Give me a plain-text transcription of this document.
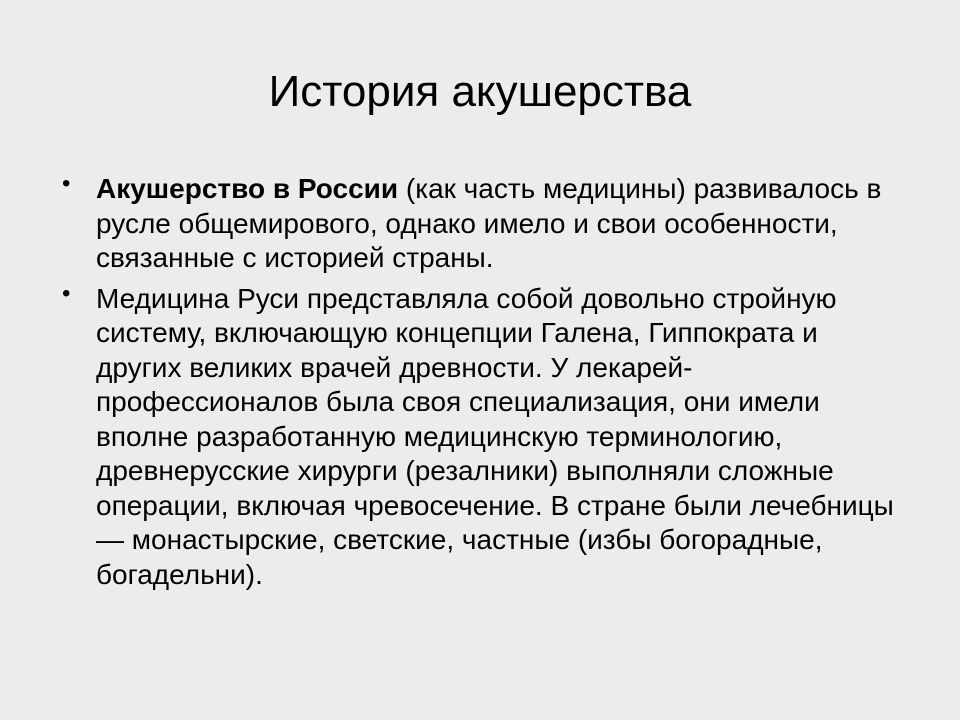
История акушерства
• Акушерство в России (как часть медицины) развивалось в русле общемирового, однако имело и свои особенности, связанные с историей страны.
• Медицина Руси представляла собой довольно стройную систему, включающую концепции Галена, Гиппократа и других великих врачей древности. У лекарей-профессионалов была своя специализация, они имели вполне разработанную медицинскую терминологию, древнерусские хирурги (резалники) выполняли сложные операции, включая чревосечение. В стране были лечебницы — монастырские, светские, частные (избы богорадные, богадельни).
